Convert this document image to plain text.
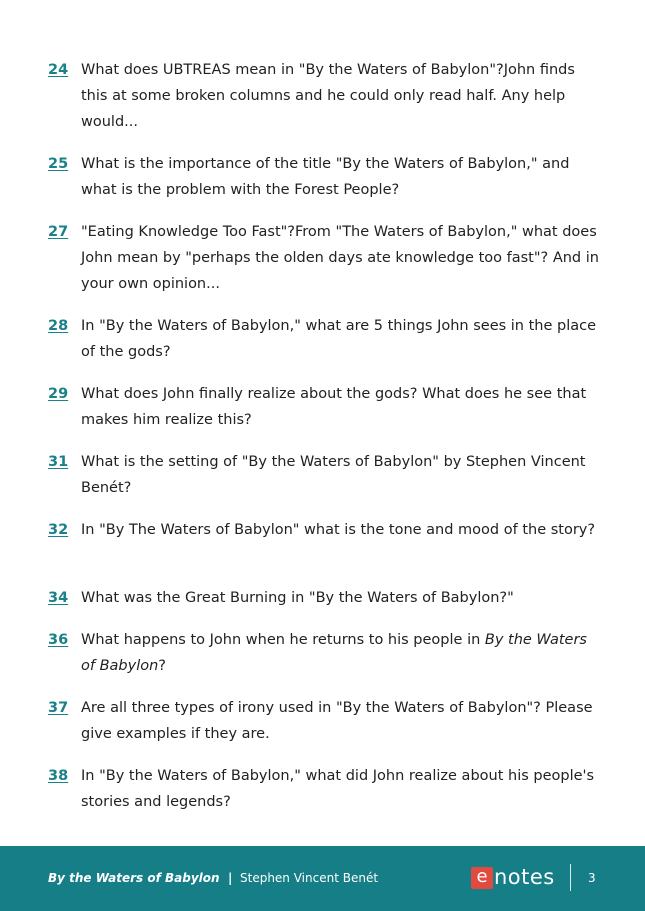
24 What does UBTREAS mean in "By the Waters of Babylon"?John finds this at some broken columns and he could only read half. Any help would...
25 What is the importance of the title "By the Waters of Babylon," and what is the problem with the Forest People?
27 "Eating Knowledge Too Fast"?From "The Waters of Babylon," what does John mean by "perhaps the olden days ate knowledge too fast"? And in your own opinion...
28 In "By the Waters of Babylon," what are 5 things John sees in the place of the gods?
29 What does John finally realize about the gods? What does he see that makes him realize this?
31 What is the setting of "By the Waters of Babylon" by Stephen Vincent Benét?
32 In "By The Waters of Babylon" what is the tone and mood of the story?
34 What was the Great Burning in "By the Waters of Babylon?"
36 What happens to John when he returns to his people in By the Waters of Babylon?
37 Are all three types of irony used in "By the Waters of Babylon"? Please give examples if they are.
38 In "By the Waters of Babylon," what did John realize about his people's stories and legends?
By the Waters of Babylon | Stephen Vincent Benét	e notes	3
